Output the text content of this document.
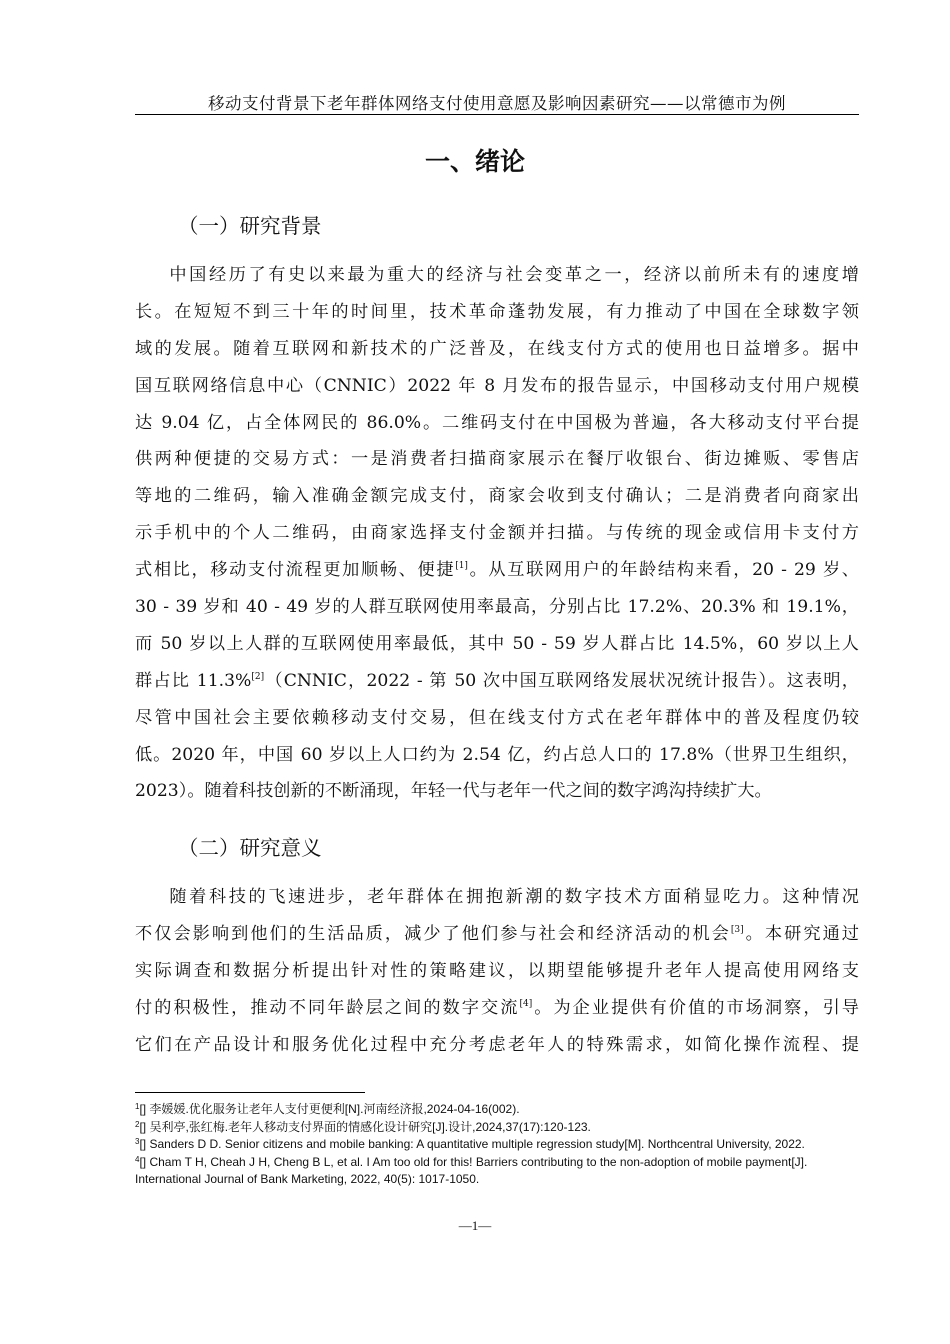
移动支付背景下老年群体网络支付使用意愿及影响因素研究——以常德市为例
一、绪论
（一）研究背景
中国经历了有史以来最为重大的经济与社会变革之一，经济以前所未有的速度增
长。在短短不到三十年的时间里，技术革命蓬勃发展，有力推动了中国在全球数字领
域的发展。随着互联网和新技术的广泛普及，在线支付方式的使用也日益增多。据中
国互联网络信息中心（CNNIC）2022 年 8 月发布的报告显示，中国移动支付用户规模
达 9.04 亿，占全体网民的 86.0%。二维码支付在中国极为普遍，各大移动支付平台提
供两种便捷的交易方式：一是消费者扫描商家展示在餐厅收银台、街边摊贩、零售店
等地的二维码，输入准确金额完成支付，商家会收到支付确认；二是消费者向商家出
示手机中的个人二维码，由商家选择支付金额并扫描。与传统的现金或信用卡支付方
式相比，移动支付流程更加顺畅、便捷[1]。从互联网用户的年龄结构来看，20 - 29 岁、
30 - 39 岁和 40 - 49 岁的人群互联网使用率最高，分别占比 17.2%、20.3% 和 19.1%，
而 50 岁以上人群的互联网使用率最低，其中 50 - 59 岁人群占比 14.5%，60 岁以上人
群占比 11.3%[2]（CNNIC，2022 - 第 50 次中国互联网络发展状况统计报告）。这表明，
尽管中国社会主要依赖移动支付交易，但在线支付方式在老年群体中的普及程度仍较
低。2020 年，中国 60 岁以上人口约为 2.54 亿，约占总人口的 17.8%（世界卫生组织，
2023）。随着科技创新的不断涌现，年轻一代与老年一代之间的数字鸿沟持续扩大。
（二）研究意义
随着科技的飞速进步，老年群体在拥抱新潮的数字技术方面稍显吃力。这种情况
不仅会影响到他们的生活品质，减少了他们参与社会和经济活动的机会[3]。本研究通过
实际调查和数据分析提出针对性的策略建议，以期望能够提升老年人提高使用网络支
付的积极性，推动不同年龄层之间的数字交流[4]。为企业提供有价值的市场洞察，引导
它们在产品设计和服务优化过程中充分考虑老年人的特殊需求，如简化操作流程、提
$^1$[] 李媛媛.优化服务让老年人支付更便利[N].河南经济报,2024-04-16(002).
$^2$[] 吴利亭,张红梅.老年人移动支付界面的情感化设计研究[J].设计,2024,37(17):120-123.
$^3$[] Sanders D D. Senior citizens and mobile banking: A quantitative multiple regression study[M]. Northcentral University, 2022.
$^4$[] Cham T H, Cheah J H, Cheng B L, et al. I Am too old for this! Barriers contributing to the non-adoption of mobile payment[J]. International Journal of Bank Marketing, 2022, 40(5): 1017-1050.
—1—
